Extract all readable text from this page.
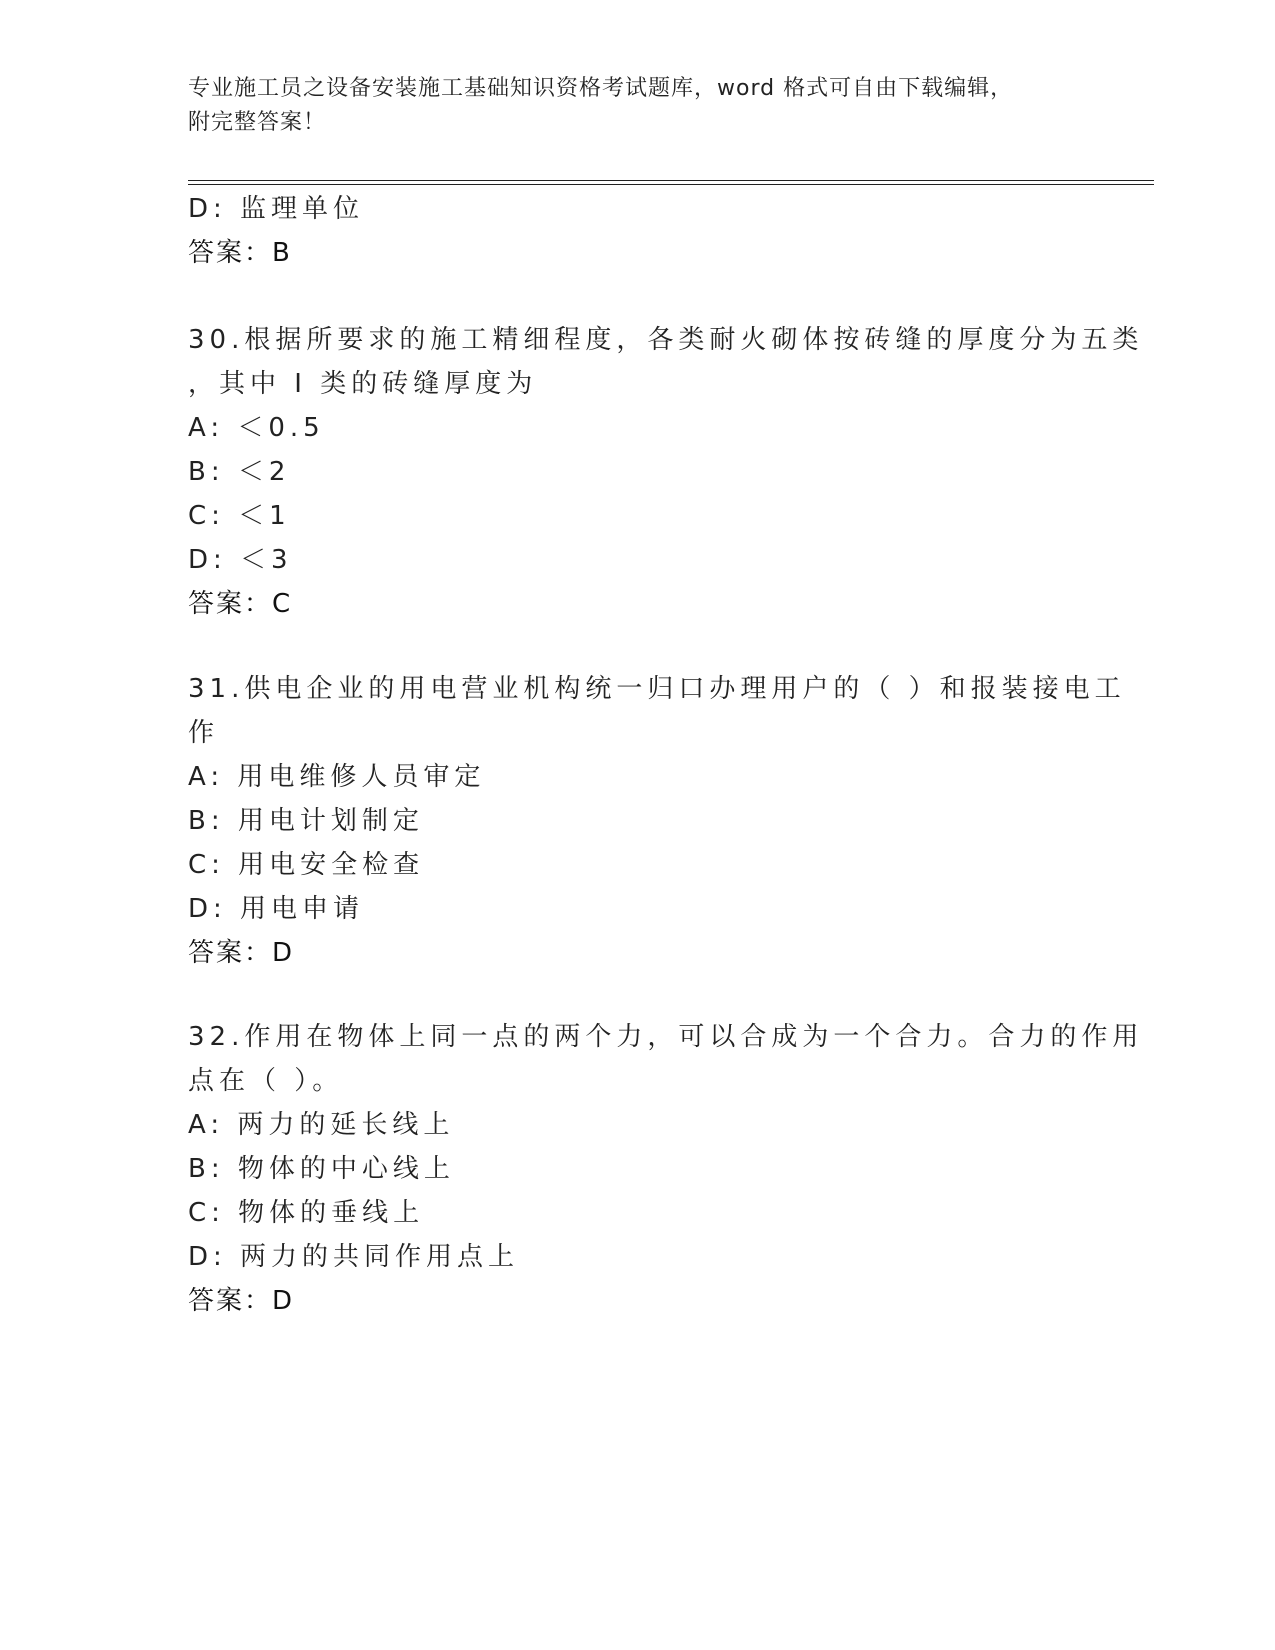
专业施工员之设备安装施工基础知识资格考试题库，word 格式可自由下载编辑，
附完整答案！
D: 监理单位
答案：B
30.根据所要求的施工精细程度，各类耐火砌体按砖缝的厚度分为五类
，其中 I 类的砖缝厚度为
A: ＜0.5
B: ＜2
C: ＜1
D: ＜3
答案：C
31.供电企业的用电营业机构统一归口办理用户的（ ）和报装接电工
作
A: 用电维修人员审定
B: 用电计划制定
C: 用电安全检查
D: 用电申请
答案：D
32.作用在物体上同一点的两个力，可以合成为一个合力。合力的作用
点在（ ）。
A: 两力的延长线上
B: 物体的中心线上
C: 物体的垂线上
D: 两力的共同作用点上
答案：D
